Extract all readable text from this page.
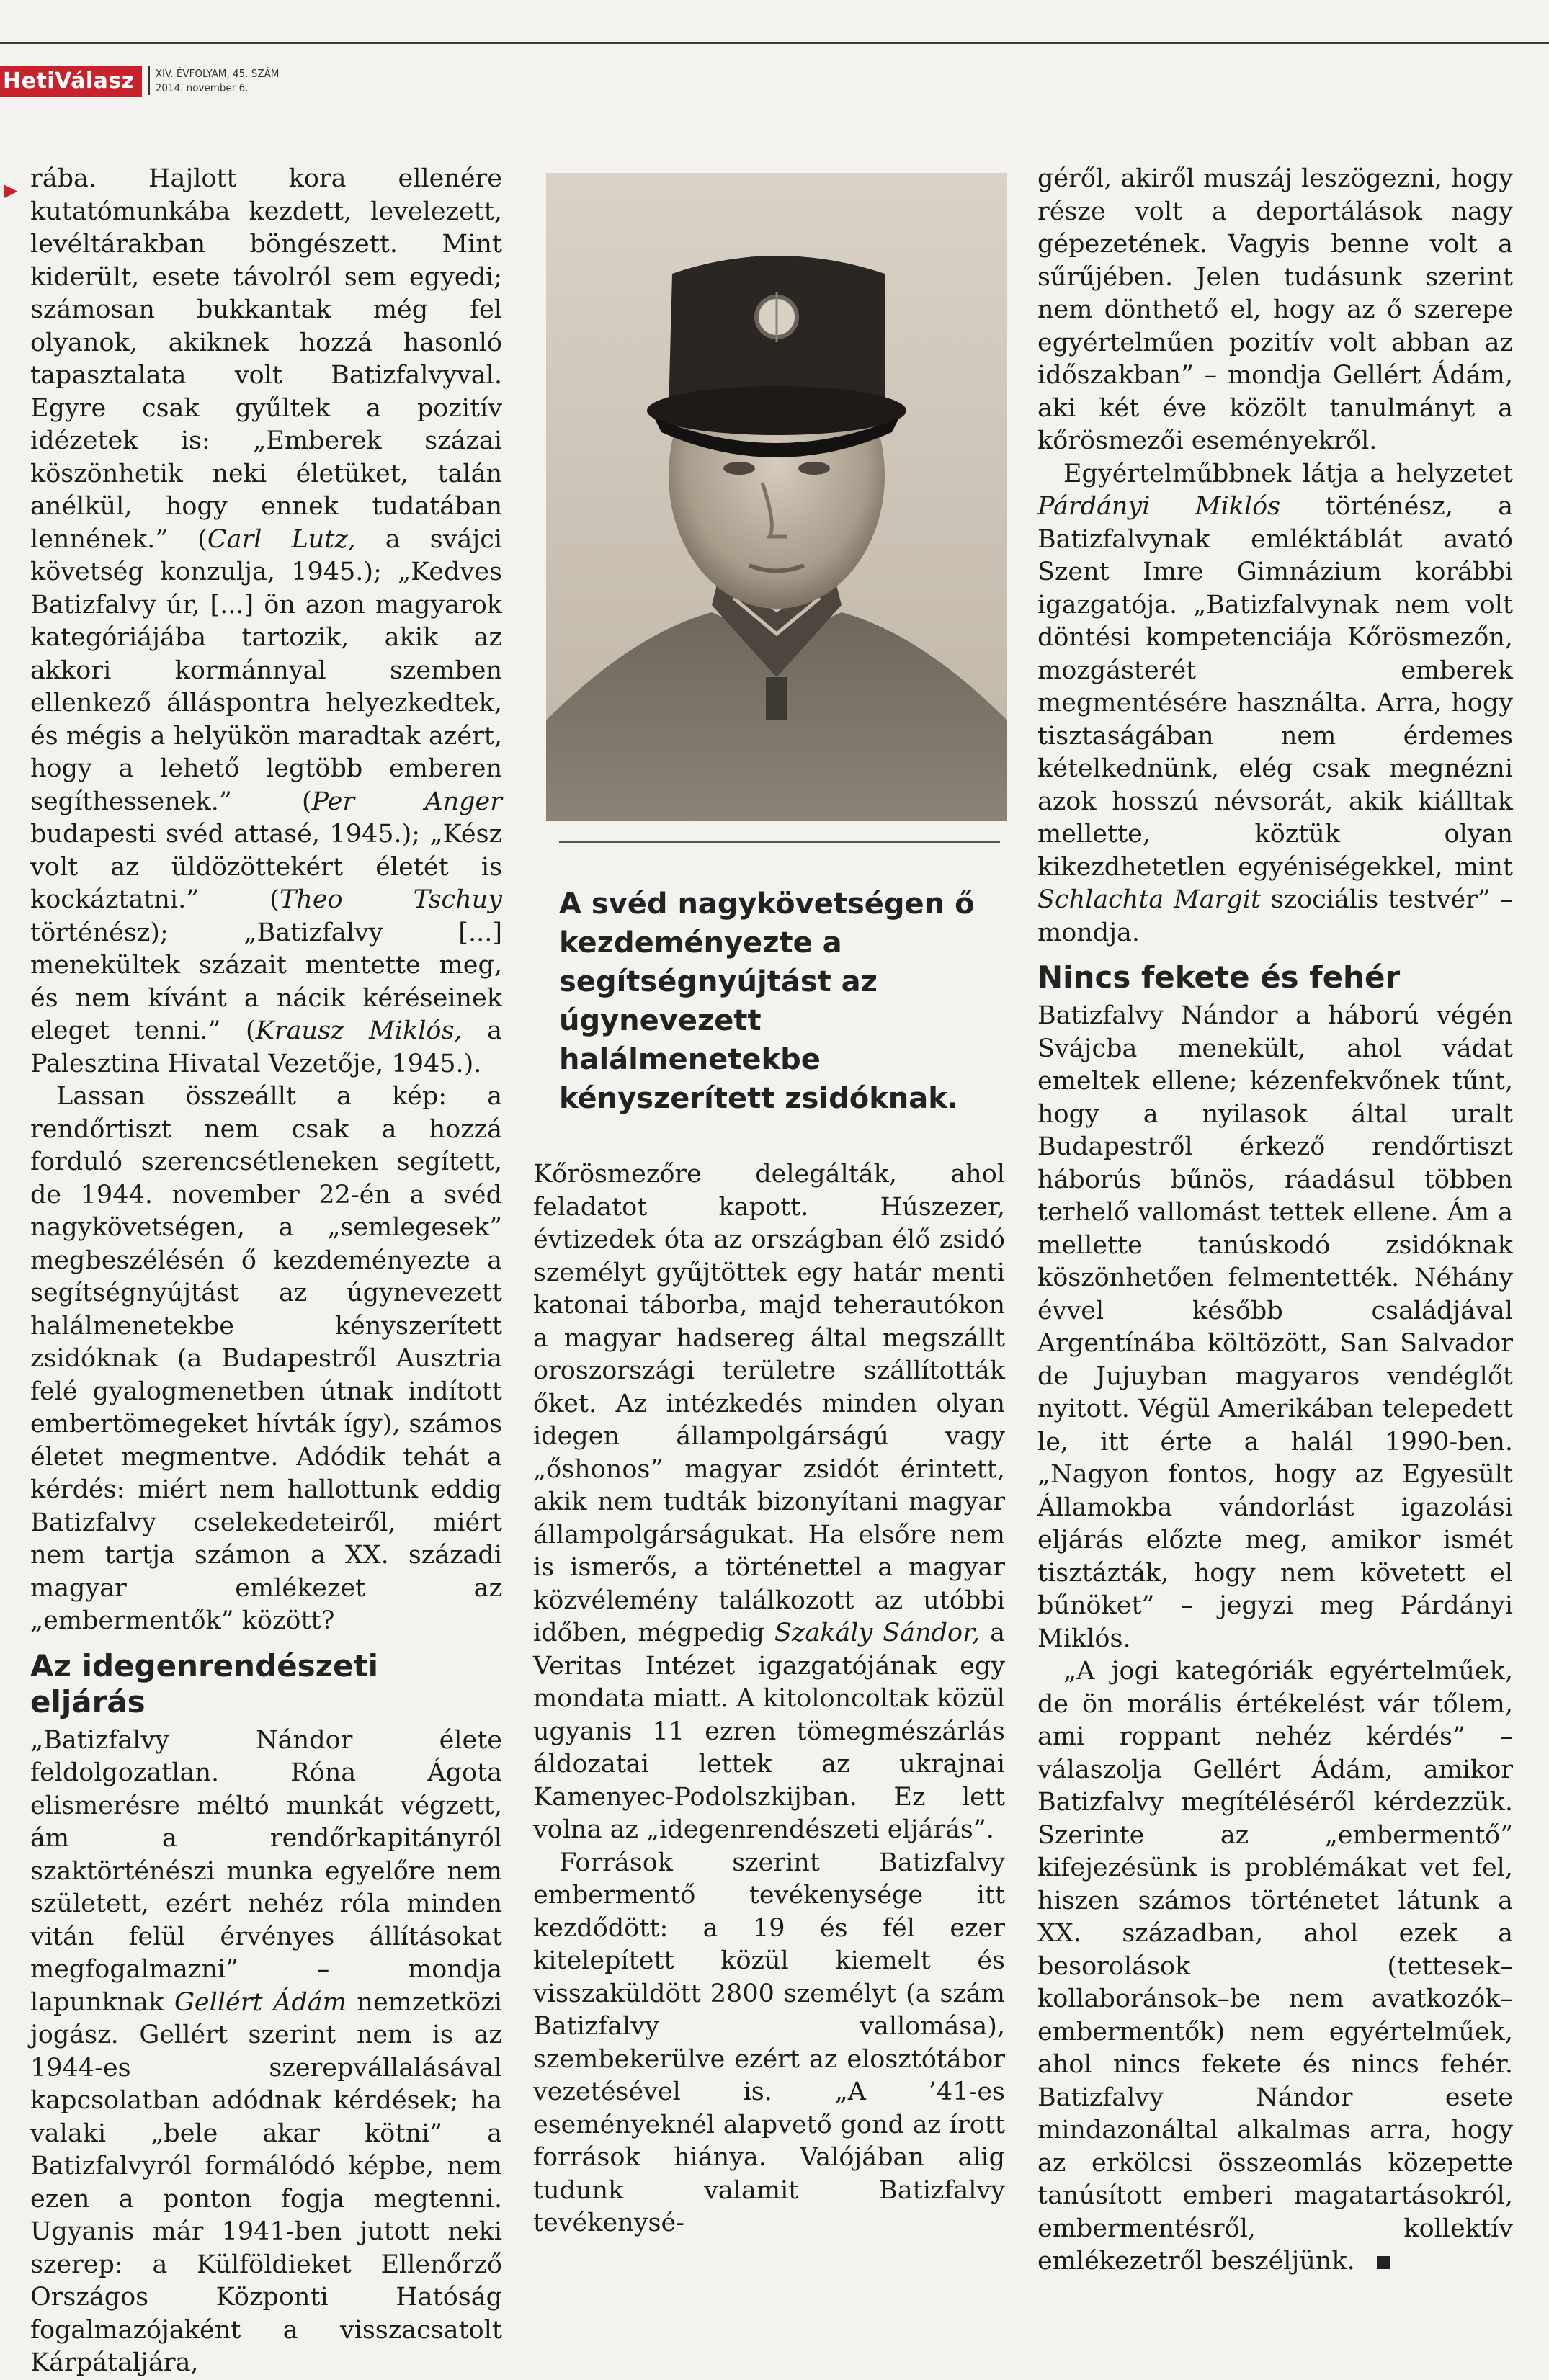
HetiVálasz	XIV. ÉVFOLYAM, 45. SZÁM
2014. november 6.
▶ rába. Hajlott kora ellenére kutatómunkába kezdett, levelezett, levéltárakban böngészett. Mint kiderült, esete távolról sem egyedi; számosan bukkantak még fel olyanok, akiknek hozzá hasonló tapasztalata volt Batizfalvyval. Egyre csak gyűltek a pozitív idézetek is: „Emberek százai köszönhetik neki életüket, talán anélkül, hogy ennek tudatában lennének.” (Carl Lutz, a svájci követség konzulja, 1945.); „Kedves Batizfalvy úr, [...] ön azon magyarok kategóriájába tartozik, akik az akkori kormánnyal szemben ellenkező álláspontra helyezkedtek, és mégis a helyükön maradtak azért, hogy a lehető legtöbb emberen segíthessenek.” (Per Anger budapesti svéd attasé, 1945.); „Kész volt az üldözöttekért életét is kockáztatni.” (Theo Tschuy történész); „Batizfalvy [...] menekültek százait mentette meg, és nem kívánt a nácik kéréseinek eleget tenni.” (Krausz Miklós, a Palesztina Hivatal Vezetője, 1945.).

Lassan összeállt a kép: a rendőrtiszt nem csak a hozzá forduló szerencsétleneken segített, de 1944. november 22-én a svéd nagykövetségen, a „semlegesek” megbeszélésén ő kezdeményezte a segítségnyújtást az úgynevezett halálmenetekbe kényszerített zsidóknak (a Budapestről Ausztria felé gyalogmenetben útnak indított embertömegeket hívták így), számos életet megmentve. Adódik tehát a kérdés: miért nem hallottunk eddig Batizfalvy cselekedeteiről, miért nem tartja számon a XX. századi magyar emlékezet az „embermentők” között?

Az idegenrendészeti eljárás

„Batizfalvy Nándor élete feldolgozatlan. Róna Ágota elismerésre méltó munkát végzett, ám a rendőrkapitányról szaktörténészi munka egyelőre nem született, ezért nehéz róla minden vitán felül érvényes állításokat megfogalmazni” – mondja lapunknak Gellért Ádám nemzetközi jogász. Gellért szerint nem is az 1944-es szerepvállalásával kapcsolatban adódnak kérdések; ha valaki „bele akar kötni” a Batizfalvyról formálódó képbe, nem ezen a ponton fogja megtenni. Ugyanis már 1941-ben jutott neki szerep: a Külföldieket Ellenőrző Országos Központi Hatóság fogalmazójaként a visszacsatolt Kárpátaljára,

A svéd nagykövetségen ő kezdeményezte a segítségnyújtást az úgynevezett halálmenetekbe kényszerített zsidóknak.

Kőrösmezőre delegálták, ahol feladatot kapott. Húszezer, évtizedek óta az országban élő zsidó személyt gyűjtöttek egy határ menti katonai táborba, majd teherautókon a magyar hadsereg által megszállt oroszországi területre szállították őket. Az intézkedés minden olyan idegen állampolgárságú vagy „őshonos” magyar zsidót érintett, akik nem tudták bizonyítani magyar állampolgárságukat. Ha elsőre nem is ismerős, a történettel a magyar közvélemény találkozott az utóbbi időben, mégpedig Szakály Sándor, a Veritas Intézet igazgatójának egy mondata miatt. A kitoloncoltak közül ugyanis 11 ezren tömegmészárlás áldozatai lettek az ukrajnai Kamenyec-Podolszkijban. Ez lett volna az „idegenrendészeti eljárás”.

Források szerint Batizfalvy embermentő tevékenysége itt kezdődött: a 19 és fél ezer kitelepített közül kiemelt és visszaküldött 2800 személyt (a szám Batizfalvy vallomása), szembekerülve ezért az elosztótábor vezetésével is. „A ’41-es eseményeknél alapvető gond az írott források hiánya. Valójában alig tudunk valamit Batizfalvy tevékenysé-

géről, akiről muszáj leszögezni, hogy része volt a deportálások nagy gépezetének. Vagyis benne volt a sűrűjében. Jelen tudásunk szerint nem dönthető el, hogy az ő szerepe egyértelműen pozitív volt abban az időszakban” – mondja Gellért Ádám, aki két éve közölt tanulmányt a kőrösmezői eseményekről.

Egyértelműbbnek látja a helyzetet Párdányi Miklós történész, a Batizfalvynak emléktáblát avató Szent Imre Gimnázium korábbi igazgatója. „Batizfalvynak nem volt döntési kompetenciája Kőrösmezőn, mozgásterét emberek megmentésére használta. Arra, hogy tisztaságában nem érdemes kételkednünk, elég csak megnézni azok hosszú névsorát, akik kiálltak mellette, köztük olyan kikezdhetetlen egyéniségekkel, mint Schlachta Margit szociális testvér” – mondja.

Nincs fekete és fehér

Batizfalvy Nándor a háború végén Svájcba menekült, ahol vádat emeltek ellene; kézenfekvőnek tűnt, hogy a nyilasok által uralt Budapestről érkező rendőrtiszt háborús bűnös, ráadásul többen terhelő vallomást tettek ellene. Ám a mellette tanúskodó zsidóknak köszönhetően felmentették. Néhány évvel később családjával Argentínába költözött, San Salvador de Jujuyban magyaros vendéglőt nyitott. Végül Amerikában telepedett le, itt érte a halál 1990-ben. „Nagyon fontos, hogy az Egyesült Államokba vándorlást igazolási eljárás előzte meg, amikor ismét tisztázták, hogy nem követett el bűnöket” – jegyzi meg Párdányi Miklós.

„A jogi kategóriák egyértelműek, de ön morális értékelést vár tőlem, ami roppant nehéz kérdés” – válaszolja Gellért Ádám, amikor Batizfalvy megítéléséről kérdezzük. Szerinte az „embermentő” kifejezésünk is problémákat vet fel, hiszen számos történetet látunk a XX. században, ahol ezek a besorolások (tettesek–kollaboránsok–be nem avatkozók–embermentők) nem egyértelműek, ahol nincs fekete és nincs fehér. Batizfalvy Nándor esete mindazonáltal alkalmas arra, hogy az erkölcsi összeomlás közepette tanúsított emberi magatartásokról, embermentésről, kollektív emlékezetről beszéljünk.
